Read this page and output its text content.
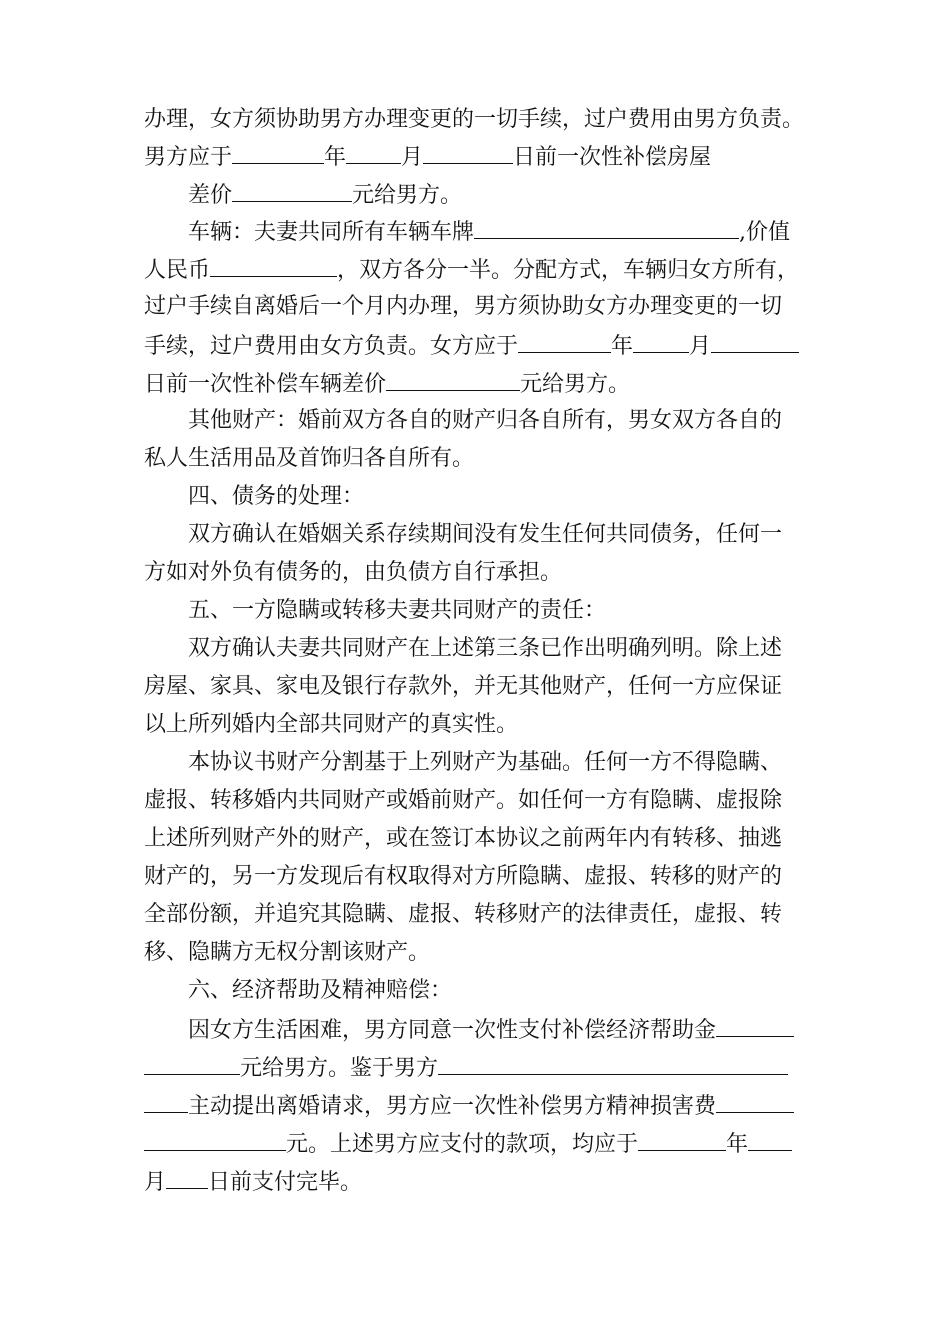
办理，女方须协助男方办理变更的一切手续，过户费用由男方负责。
男方应于	年	月	日前一次性补偿房屋
差价	元给男方。
车辆：夫妻共同所有车辆车牌	,价值
人民币	，双方各分一半。分配方式，车辆归女方所有，
过户手续自离婚后一个月内办理，男方须协助女方办理变更的一切
手续，过户费用由女方负责。女方应于	年	月
日前一次性补偿车辆差价	元给男方。
其他财产：婚前双方各自的财产归各自所有，男女双方各自的
私人生活用品及首饰归各自所有。
四、债务的处理：
双方确认在婚姻关系存续期间没有发生任何共同债务，任何一
方如对外负有债务的，由负债方自行承担。
五、一方隐瞒或转移夫妻共同财产的责任：
双方确认夫妻共同财产在上述第三条已作出明确列明。除上述
房屋、家具、家电及银行存款外，并无其他财产，任何一方应保证
以上所列婚内全部共同财产的真实性。
本协议书财产分割基于上列财产为基础。任何一方不得隐瞒、
虚报、转移婚内共同财产或婚前财产。如任何一方有隐瞒、虚报除
上述所列财产外的财产，或在签订本协议之前两年内有转移、抽逃
财产的，另一方发现后有权取得对方所隐瞒、虚报、转移的财产的
全部份额，并追究其隐瞒、虚报、转移财产的法律责任，虚报、转
移、隐瞒方无权分割该财产。
六、经济帮助及精神赔偿：
因女方生活困难，男方同意一次性支付补偿经济帮助金
元给男方。鉴于男方
主动提出离婚请求，男方应一次性补偿男方精神损害费
元。上述男方应支付的款项，均应于	年
月 日前支付完毕。
